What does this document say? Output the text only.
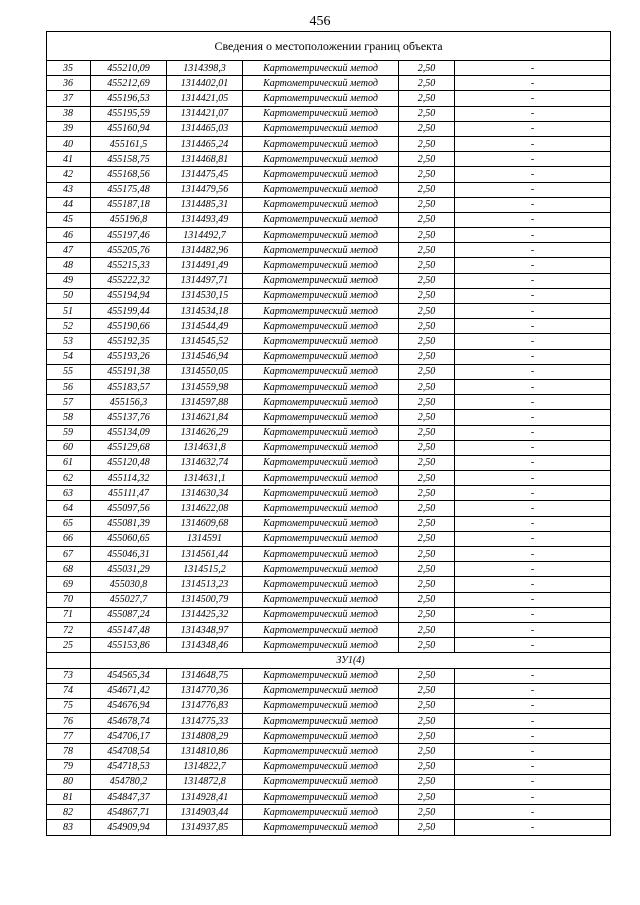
456
Сведения о местоположении границ объекта					
35	455210,09	1314398,3	Картометрический метод	2,50	-
36	455212,69	1314402,01	Картометрический метод	2,50	-
37	455196,53	1314421,05	Картометрический метод	2,50	-
38	455195,59	1314421,07	Картометрический метод	2,50	-
39	455160,94	1314465,03	Картометрический метод	2,50	-
40	455161,5	1314465,24	Картометрический метод	2,50	-
41	455158,75	1314468,81	Картометрический метод	2,50	-
42	455168,56	1314475,45	Картометрический метод	2,50	-
43	455175,48	1314479,56	Картометрический метод	2,50	-
44	455187,18	1314485,31	Картометрический метод	2,50	-
45	455196,8	1314493,49	Картометрический метод	2,50	-
46	455197,46	1314492,7	Картометрический метод	2,50	-
47	455205,76	1314482,96	Картометрический метод	2,50	-
48	455215,33	1314491,49	Картометрический метод	2,50	-
49	455222,32	1314497,71	Картометрический метод	2,50	-
50	455194,94	1314530,15	Картометрический метод	2,50	-
51	455199,44	1314534,18	Картометрический метод	2,50	-
52	455190,66	1314544,49	Картометрический метод	2,50	-
53	455192,35	1314545,52	Картометрический метод	2,50	-
54	455193,26	1314546,94	Картометрический метод	2,50	-
55	455191,38	1314550,05	Картометрический метод	2,50	-
56	455183,57	1314559,98	Картометрический метод	2,50	-
57	455156,3	1314597,88	Картометрический метод	2,50	-
58	455137,76	1314621,84	Картометрический метод	2,50	-
59	455134,09	1314626,29	Картометрический метод	2,50	-
60	455129,68	1314631,8	Картометрический метод	2,50	-
61	455120,48	1314632,74	Картометрический метод	2,50	-
62	455114,32	1314631,1	Картометрический метод	2,50	-
63	455111,47	1314630,34	Картометрический метод	2,50	-
64	455097,56	1314622,08	Картометрический метод	2,50	-
65	455081,39	1314609,68	Картометрический метод	2,50	-
66	455060,65	1314591	Картометрический метод	2,50	-
67	455046,31	1314561,44	Картометрический метод	2,50	-
68	455031,29	1314515,2	Картометрический метод	2,50	-
69	455030,8	1314513,23	Картометрический метод	2,50	-
70	455027,7	1314500,79	Картометрический метод	2,50	-
71	455087,24	1314425,32	Картометрический метод	2,50	-
72	455147,48	1314348,97	Картометрический метод	2,50	-
25	455153,86	1314348,46	Картометрический метод	2,50	-
	ЗУ1(4)				
73	454565,34	1314648,75	Картометрический метод	2,50	-
74	454671,42	1314770,36	Картометрический метод	2,50	-
75	454676,94	1314776,83	Картометрический метод	2,50	-
76	454678,74	1314775,33	Картометрический метод	2,50	-
77	454706,17	1314808,29	Картометрический метод	2,50	-
78	454708,54	1314810,86	Картометрический метод	2,50	-
79	454718,53	1314822,7	Картометрический метод	2,50	-
80	454780,2	1314872,8	Картометрический метод	2,50	-
81	454847,37	1314928,41	Картометрический метод	2,50	-
82	454867,71	1314903,44	Картометрический метод	2,50	-
83	454909,94	1314937,85	Картометрический метод	2,50	-
